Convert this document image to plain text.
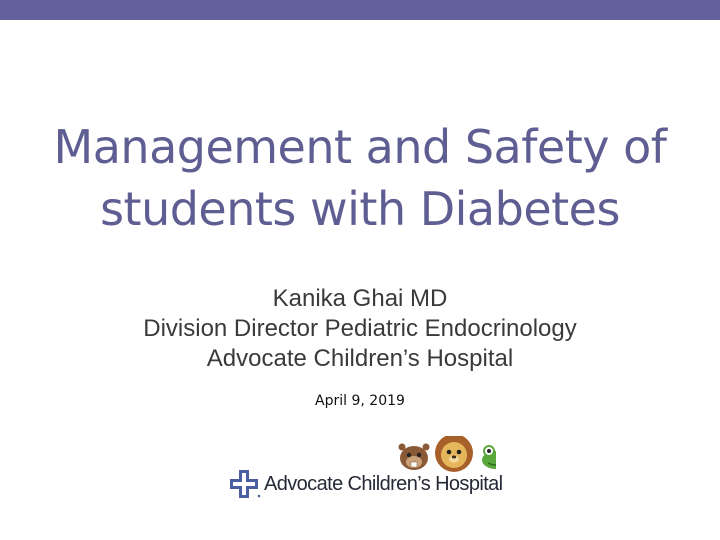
Management and Safety of
students with Diabetes
Kanika Ghai MD
Division Director Pediatric Endocrinology
Advocate Children’s Hospital
April 9, 2019
Advocate Children’s Hospital
